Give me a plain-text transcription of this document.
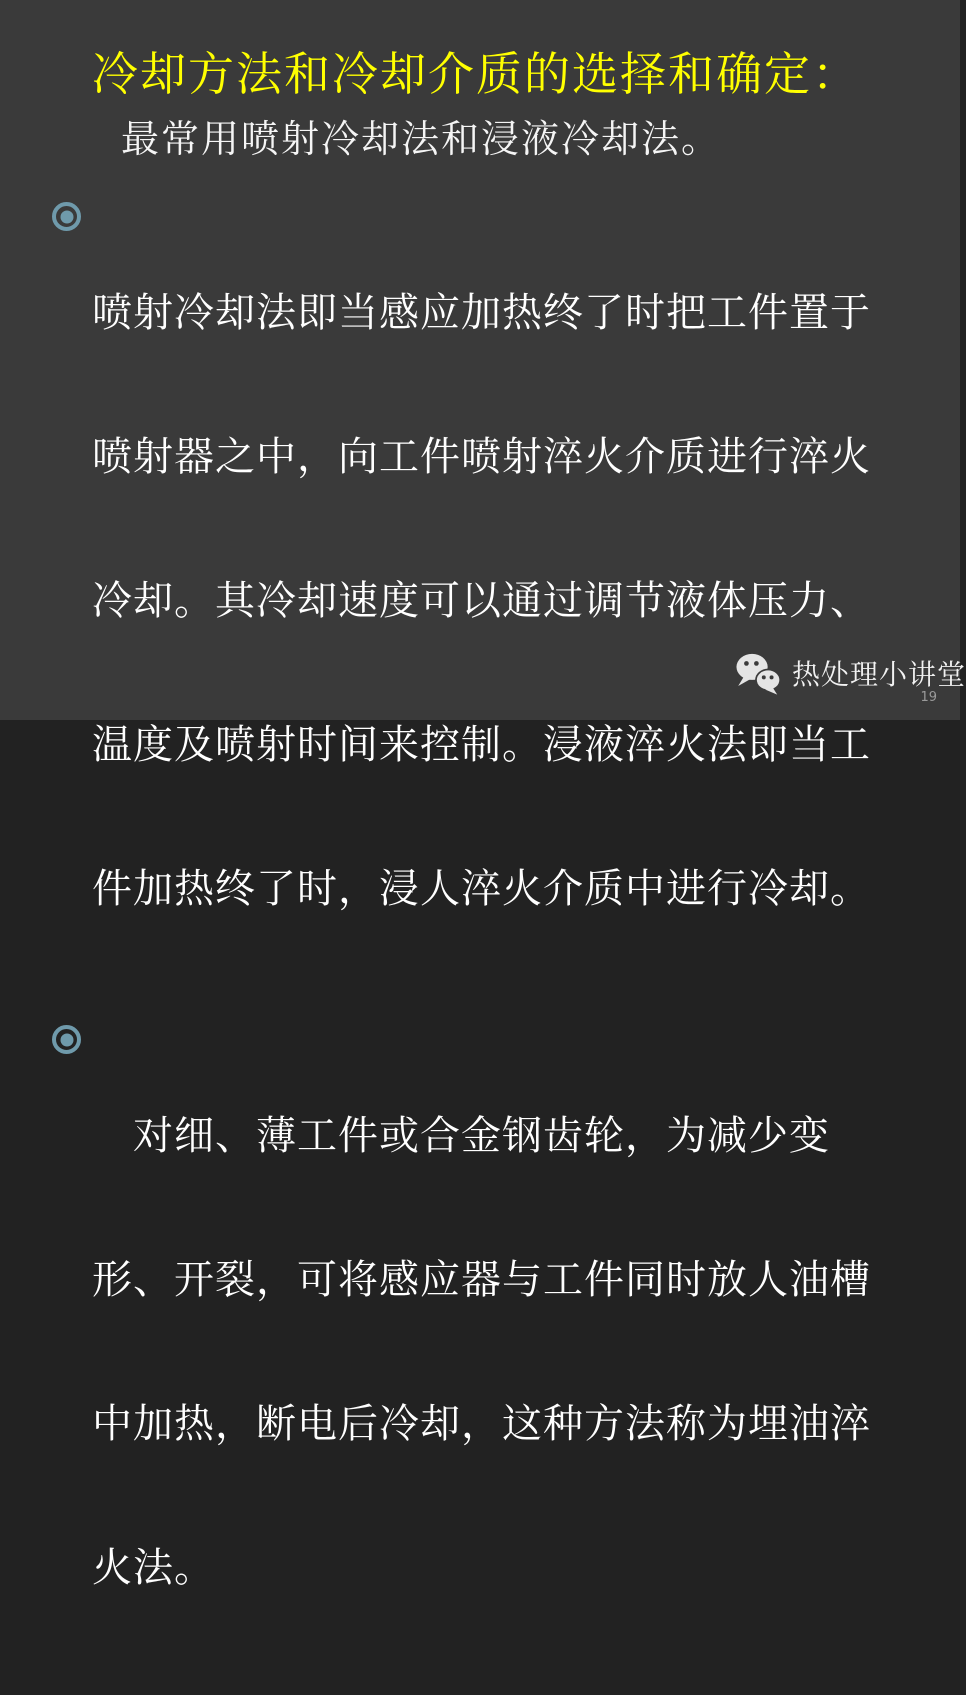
冷却方法和冷却介质的选择和确定：
最常用喷射冷却法和浸液冷却法。

喷射冷却法即当感应加热终了时把工件置于

喷射器之中，向工件喷射淬火介质进行淬火

冷却。其冷却速度可以通过调节液体压力、

温度及喷射时间来控制。浸液淬火法即当工

件加热终了时，浸人淬火介质中进行冷却。

　对细、薄工件或合金钢齿轮，为减少变

形、开裂，可将感应器与工件同时放人油槽

中加热，断电后冷却，这种方法称为埋油淬

火法。

热处理小讲堂
19
